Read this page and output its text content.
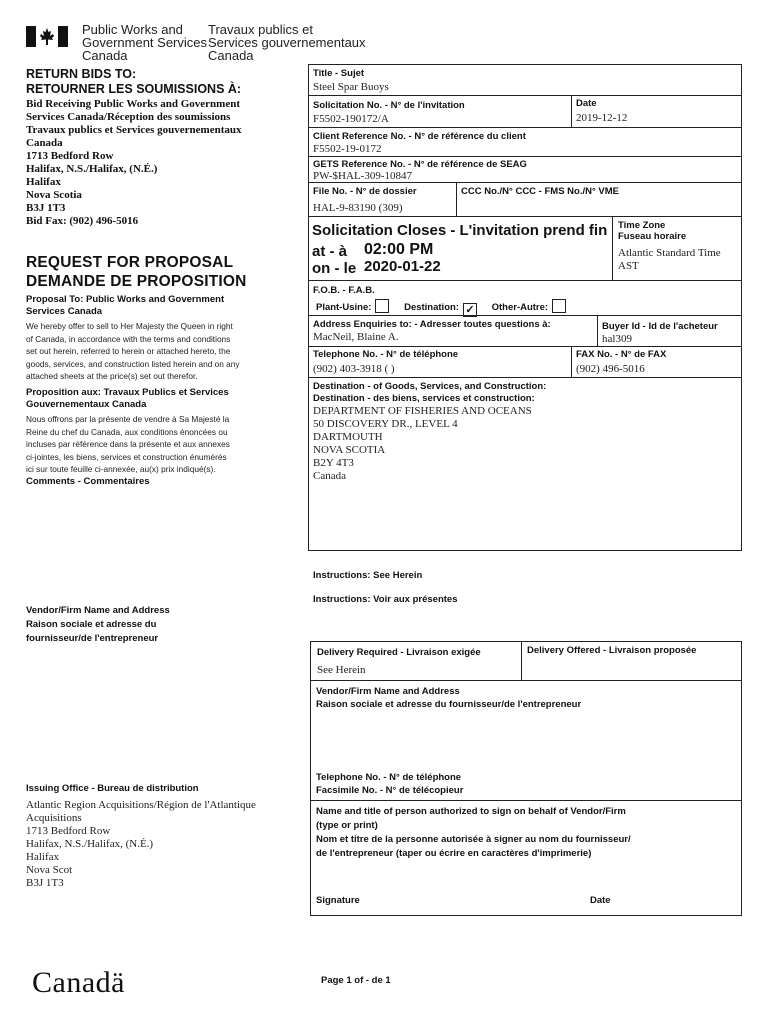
Public Works and
Government Services
Canada
Travaux publics et
Services gouvernementaux
Canada
RETURN BIDS TO:
RETOURNER LES SOUMISSIONS À:
Bid Receiving Public Works and Government
Services Canada/Réception des soumissions
Travaux publics et Services gouvernementaux
Canada
1713 Bedford Row
Halifax, N.S./Halifax, (N.É.)
Halifax
Nova Scotia
B3J 1T3
Bid Fax: (902) 496-5016
REQUEST FOR PROPOSAL
DEMANDE DE PROPOSITION
Proposal To: Public Works and Government
Services Canada
We hereby offer to sell to Her Majesty the Queen in right
of Canada, in accordance with the terms and conditions
set out herein, referred to herein or attached hereto, the
goods, services, and construction listed herein and on any
attached sheets at the price(s) set out therefor.
Proposition aux: Travaux Publics et Services
Gouvernementaux Canada
Nous offrons par la présente de vendre à Sa Majesté la
Reine du chef du Canada, aux conditions énoncées ou
incluses par référence dans la présente et aux annexes
ci-jointes, les biens, services et construction énumérés
ici sur toute feuille ci-annexée, au(x) prix indiqué(s).
Comments - Commentaires
Vendor/Firm Name and Address
Raison sociale et adresse du
fournisseur/de l'entrepreneur
Issuing Office - Bureau de distribution
Atlantic Region Acquisitions/Région de l'Atlantique
Acquisitions
1713 Bedford Row
Halifax, N.S./Halifax, (N.É.)
Halifax
Nova Scot
B3J 1T3
Title - Sujet
Steel Spar Buoys
Solicitation No. - N° de l'invitation
F5502-190172/A
Date
2019-12-12
Client Reference No. - N° de référence du client
F5502-19-0172
GETS Reference No. - N° de référence de SEAG
PW-$HAL-309-10847
File No. - N° de dossier
HAL-9-83190 (309)
CCC No./N° CCC - FMS No./N° VME
Solicitation Closes - L'invitation prend fin
at - à 02:00 PM
on - le 2020-01-22
Time Zone
Fuseau horaire
Atlantic Standard Time
AST
F.O.B. - F.A.B.
Plant-Usine:	Destination: ✓ Other-Autre:
Address Enquiries to: - Adresser toutes questions à:
MacNeil, Blaine A.
Buyer Id - Id de l'acheteur
hal309
Telephone No. - N° de téléphone
(902) 403-3918 ( )
FAX No. - N° de FAX
(902) 496-5016
Destination - of Goods, Services, and Construction:
Destination - des biens, services et construction:
DEPARTMENT OF FISHERIES AND OCEANS
50 DISCOVERY DR., LEVEL 4
DARTMOUTH
NOVA SCOTIA
B2Y 4T3
Canada
Instructions: See Herein
Instructions: Voir aux présentes
Delivery Required - Livraison exigée
See Herein
Delivery Offered - Livraison proposée
Vendor/Firm Name and Address
Raison sociale et adresse du fournisseur/de l'entrepreneur
Telephone No. - N° de téléphone
Facsimile No. - N° de télécopieur
Name and title of person authorized to sign on behalf of Vendor/Firm
(type or print)
Nom et titre de la personne autorisée à signer au nom du fournisseur/
de l'entrepreneur (taper ou écrire en caractères d'imprimerie)
Signature	Date
Canadä	Page 1 of - de 1
